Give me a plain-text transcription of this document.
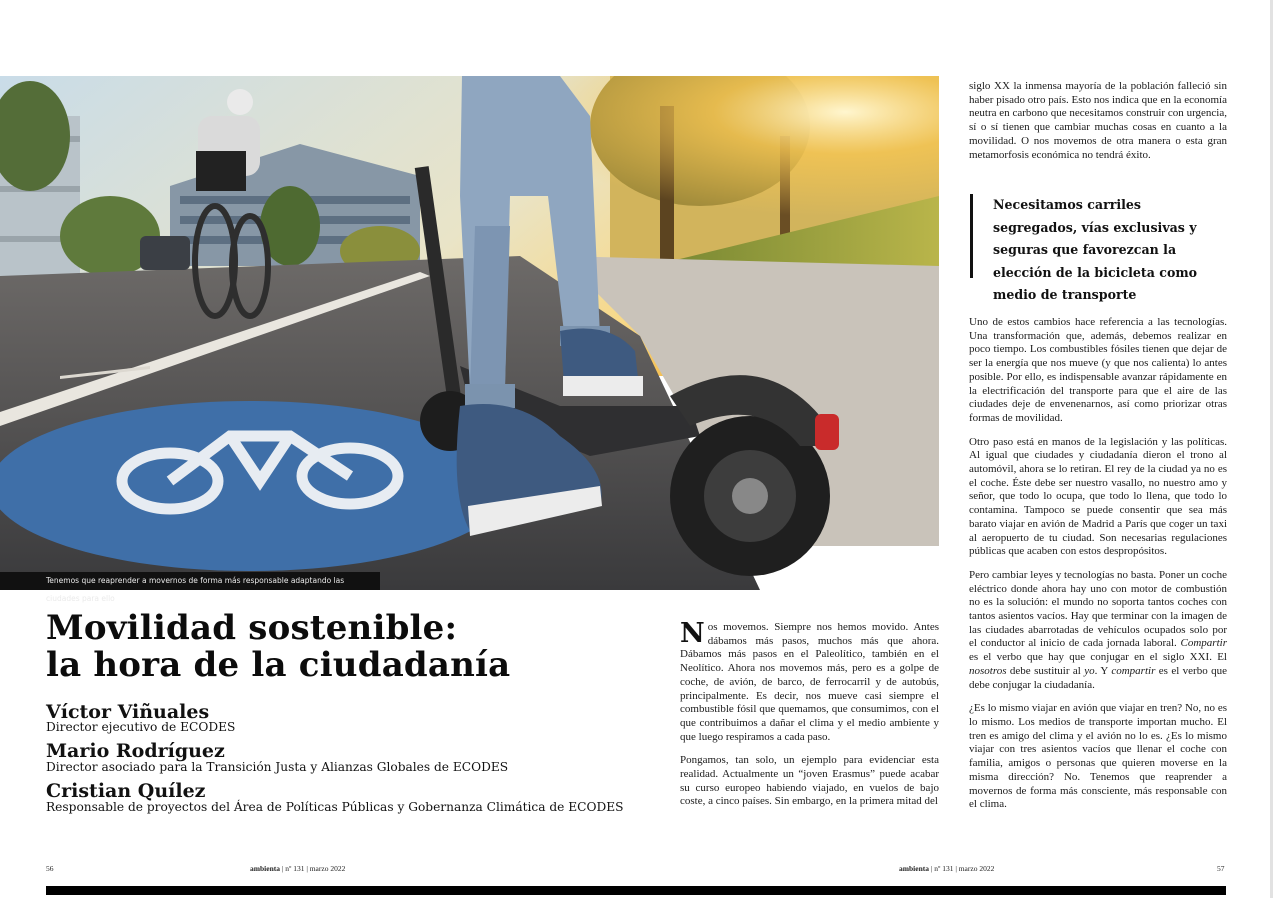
Tenemos que reaprender a movernos de forma más responsable adaptando las ciudades para ello
Movilidad sostenible:
la hora de la ciudadanía
Víctor Viñuales
Director ejecutivo de ECODES
Mario Rodríguez
Director asociado para la Transición Justa y Alianzas Globales de ECODES
Cristian Quílez
Responsable de proyectos del Área de Políticas Públicas y Gobernanza Climática de ECODES

Nos movemos. Siempre nos hemos movido. Antes dábamos más pasos, muchos más que ahora. Dábamos más pasos en el Paleolítico, también en el Neolítico. Ahora nos movemos más, pero es a golpe de coche, de avión, de barco, de ferrocarril y de autobús, principalmente. Es decir, nos mueve casi siempre el combustible fósil que quemamos, que consumimos, con el que contribuimos a dañar el clima y el medio ambiente y que luego respiramos a cada paso.

Pongamos, tan solo, un ejemplo para evidenciar esta realidad. Actualmente un “joven Erasmus” puede acabar su curso europeo habiendo viajado, en vuelos de bajo coste, a cinco países. Sin embargo, en la primera mitad del

siglo XX la inmensa mayoría de la población falleció sin haber pisado otro país. Esto nos indica que en la economía neutra en carbono que necesitamos construir con urgencia, sí o sí tienen que cambiar muchas cosas en cuanto a la movilidad. O nos movemos de otra manera o esta gran metamorfosis económica no tendrá éxito.

Necesitamos carriles segregados, vías exclusivas y seguras que favorezcan la elección de la bicicleta como medio de transporte

Uno de estos cambios hace referencia a las tecnologías. Una transformación que, además, debemos realizar en poco tiempo. Los combustibles fósiles tienen que dejar de ser la energía que nos mueve (y que nos calienta) lo antes posible. Por ello, es indispensable avanzar rápidamente en la electrificación del transporte para que el aire de las ciudades deje de envenenarnos, así como priorizar otras formas de movilidad.

Otro paso está en manos de la legislación y las políticas. Al igual que ciudades y ciudadanía dieron el trono al automóvil, ahora se lo retiran. El rey de la ciudad ya no es el coche. Éste debe ser nuestro vasallo, no nuestro amo y señor, que todo lo ocupa, que todo lo llena, que todo lo contamina. Tampoco se puede consentir que sea más barato viajar en avión de Madrid a París que coger un taxi al aeropuerto de tu ciudad. Son necesarias regulaciones públicas que acaben con estos despropósitos.

Pero cambiar leyes y tecnologías no basta. Poner un coche eléctrico donde ahora hay uno con motor de combustión no es la solución: el mundo no soporta tantos coches con tantos asientos vacíos. Hay que terminar con la imagen de las ciudades abarrotadas de vehículos ocupados solo por el conductor al inicio de cada jornada laboral. Compartir es el verbo que hay que conjugar en el siglo XXI. El nosotros debe sustituir al yo. Y compartir es el verbo que debe conjugar la ciudadanía.

¿Es lo mismo viajar en avión que viajar en tren? No, no es lo mismo. Los medios de transporte importan mucho. El tren es amigo del clima y el avión no lo es. ¿Es lo mismo viajar con tres asientos vacíos que llenar el coche con familia, amigos o personas que quieren moverse en la misma dirección? No. Tenemos que reaprender a movernos de forma más consciente, más responsable con el clima.

56	ambienta | nº 131 | marzo 2022	ambienta | nº 131 | marzo 2022	57
